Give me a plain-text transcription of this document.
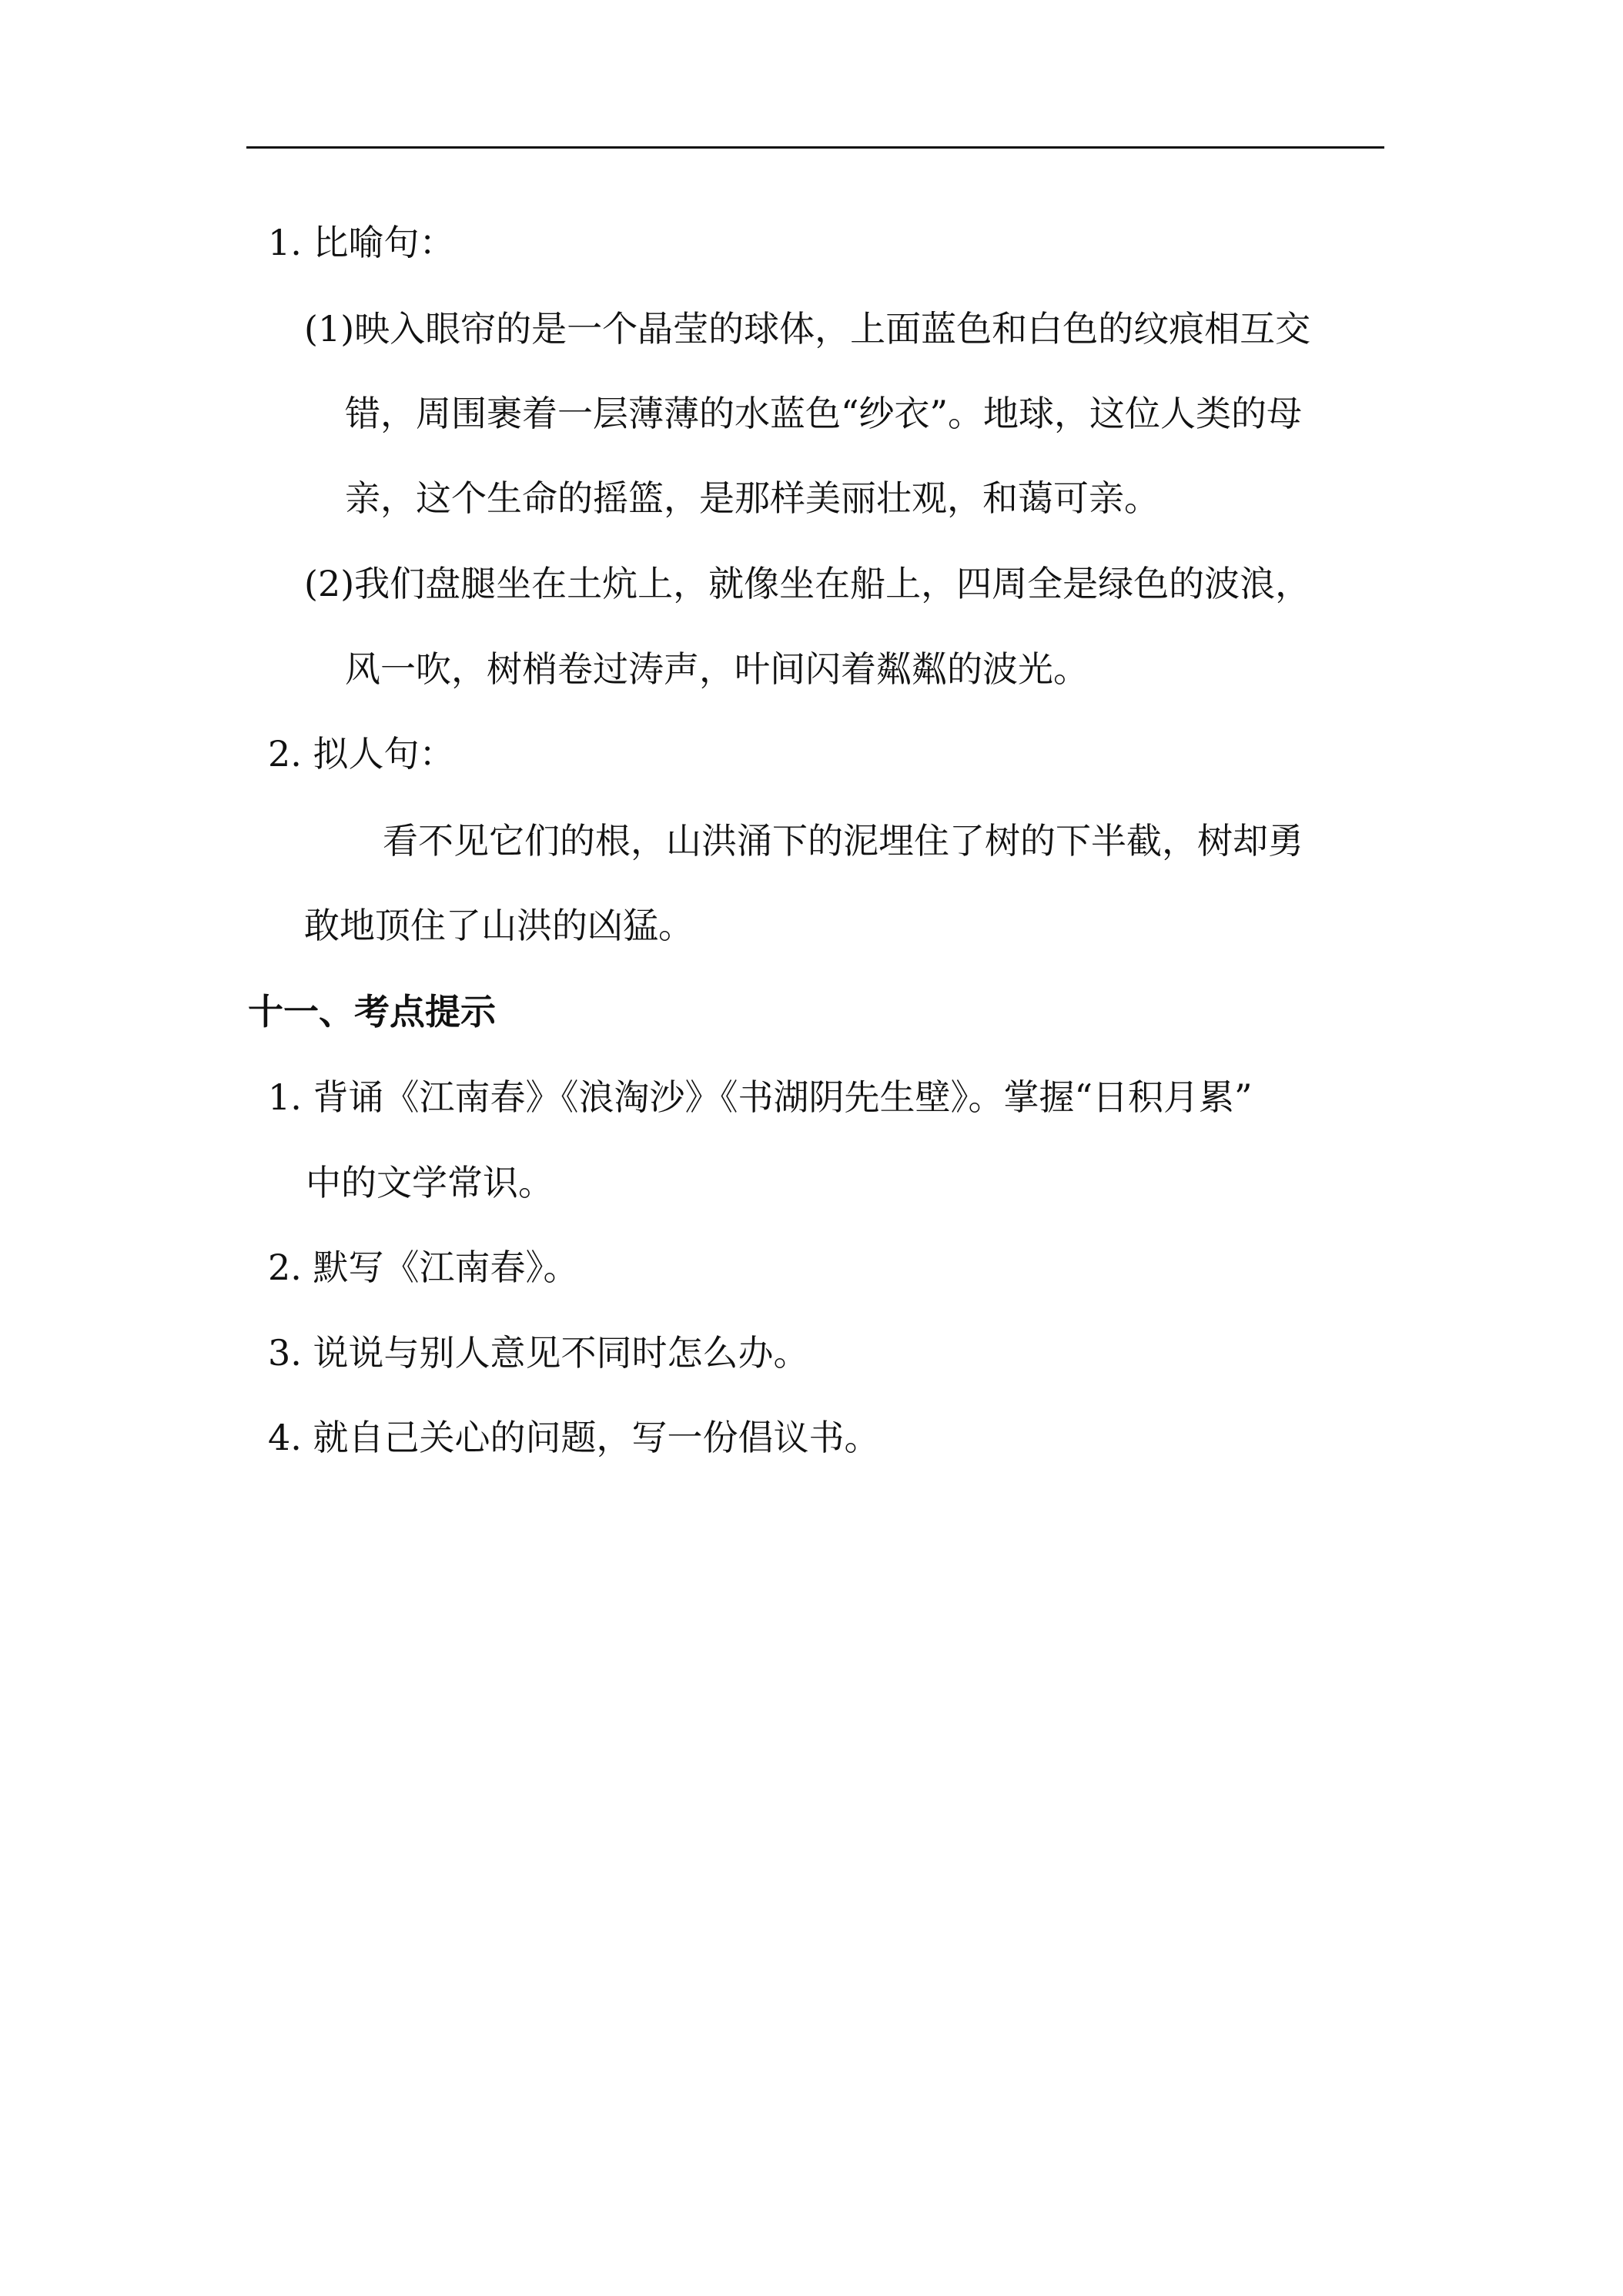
1. 比喻句：
(1)映入眼帘的是一个晶莹的球体，上面蓝色和白色的纹痕相互交
错，周围裹着一层薄薄的水蓝色“纱衣”。地球，这位人类的母
亲，这个生命的摇篮，是那样美丽壮观，和蔼可亲。
(2)我们盘腿坐在土炕上，就像坐在船上，四周全是绿色的波浪，
风一吹，树梢卷过涛声，叶间闪着粼粼的波光。
2. 拟人句：
看不见它们的根，山洪涌下的泥埋住了树的下半截，树却勇
敢地顶住了山洪的凶猛。
十一、考点提示
1. 背诵《江南春》《浪淘沙》《书湖阴先生壁》。掌握“日积月累”
中的文学常识。
2. 默写《江南春》。
3. 说说与别人意见不同时怎么办。
4. 就自己关心的问题，写一份倡议书。
